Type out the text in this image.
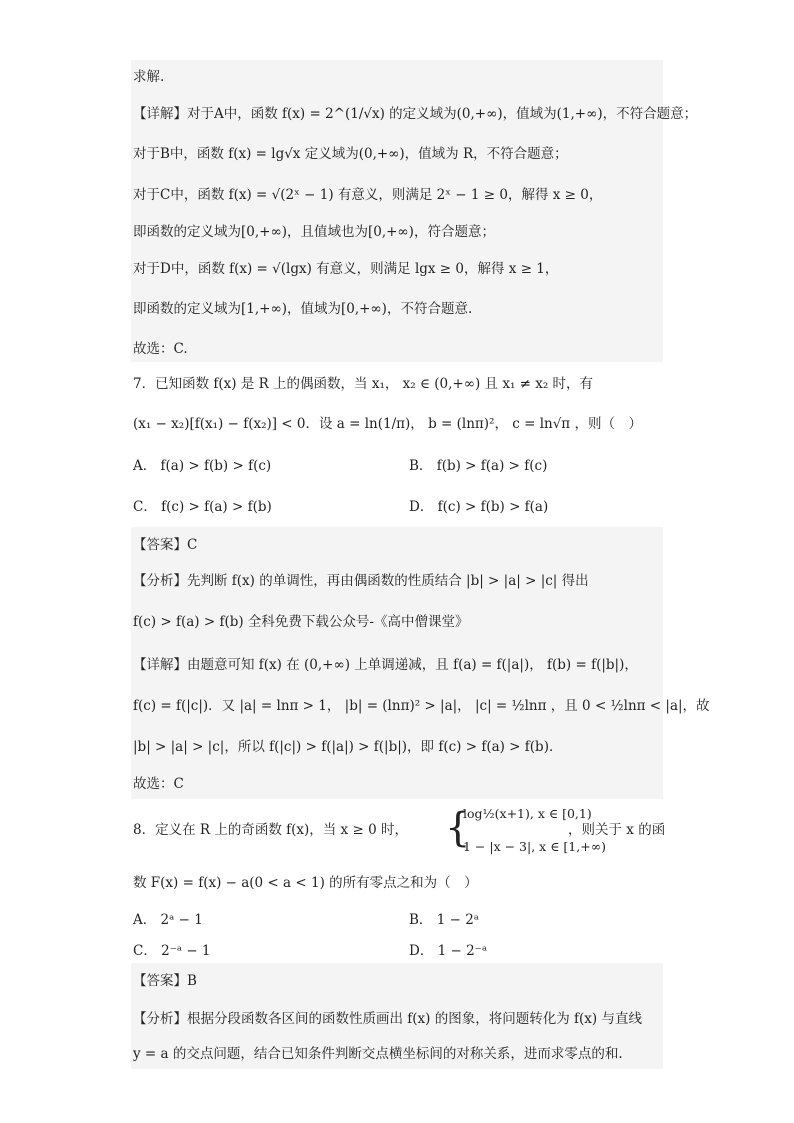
求解.
【详解】对于A中，函数 f(x) = 2^(1/√x) 的定义域为(0,+∞)，值域为(1,+∞)，不符合题意；
对于B中，函数 f(x) = lg√x 定义域为(0,+∞)，值域为 R，不符合题意；
对于C中，函数 f(x) = √(2ˣ − 1) 有意义，则满足 2ˣ − 1 ≥ 0，解得 x ≥ 0，
即函数的定义域为[0,+∞)，且值域也为[0,+∞)，符合题意；
对于D中，函数 f(x) = √(lgx) 有意义，则满足 lgx ≥ 0，解得 x ≥ 1，
即函数的定义域为[1,+∞)，值域为[0,+∞)，不符合题意.
故选：C.
7．已知函数 f(x) 是 R 上的偶函数，当 x₁， x₂ ∈ (0,+∞) 且 x₁ ≠ x₂ 时，有
(x₁ − x₂)[f(x₁) − f(x₂)] < 0．设 a = ln(1/π)， b = (lnπ)²， c = ln√π ，则（　）
A． f(a) > f(b) > f(c)	B． f(b) > f(a) > f(c)
C． f(c) > f(a) > f(b)	D． f(c) > f(b) > f(a)
【答案】C
【分析】先判断 f(x) 的单调性，再由偶函数的性质结合 |b| > |a| > |c| 得出
f(c) > f(a) > f(b) 全科免费下载公众号-《高中僧课堂》
【详解】由题意可知 f(x) 在 (0,+∞) 上单调递减，且 f(a) = f(|a|)， f(b) = f(|b|)，
f(c) = f(|c|)．又 |a| = lnπ > 1， |b| = (lnπ)² > |a|， |c| = ½lnπ ，且 0 < ½lnπ < |a|，故
|b| > |a| > |c|，所以 f(|c|) > f(|a|) > f(|b|)，即 f(c) > f(a) > f(b)．
故选：C
8．定义在 R 上的奇函数 f(x)，当 x ≥ 0 时， {
log½(x+1), x ∈ [0,1)
1 − |x − 3|, x ∈ [1,+∞)
，则关于 x 的函
数 F(x) = f(x) − a(0 < a < 1) 的所有零点之和为（　）
A． 2ᵃ − 1	B． 1 − 2ᵃ
C． 2⁻ᵃ − 1	D． 1 − 2⁻ᵃ
【答案】B
【分析】根据分段函数各区间的函数性质画出 f(x) 的图象，将问题转化为 f(x) 与直线
y = a 的交点问题，结合已知条件判断交点横坐标间的对称关系，进而求零点的和.
